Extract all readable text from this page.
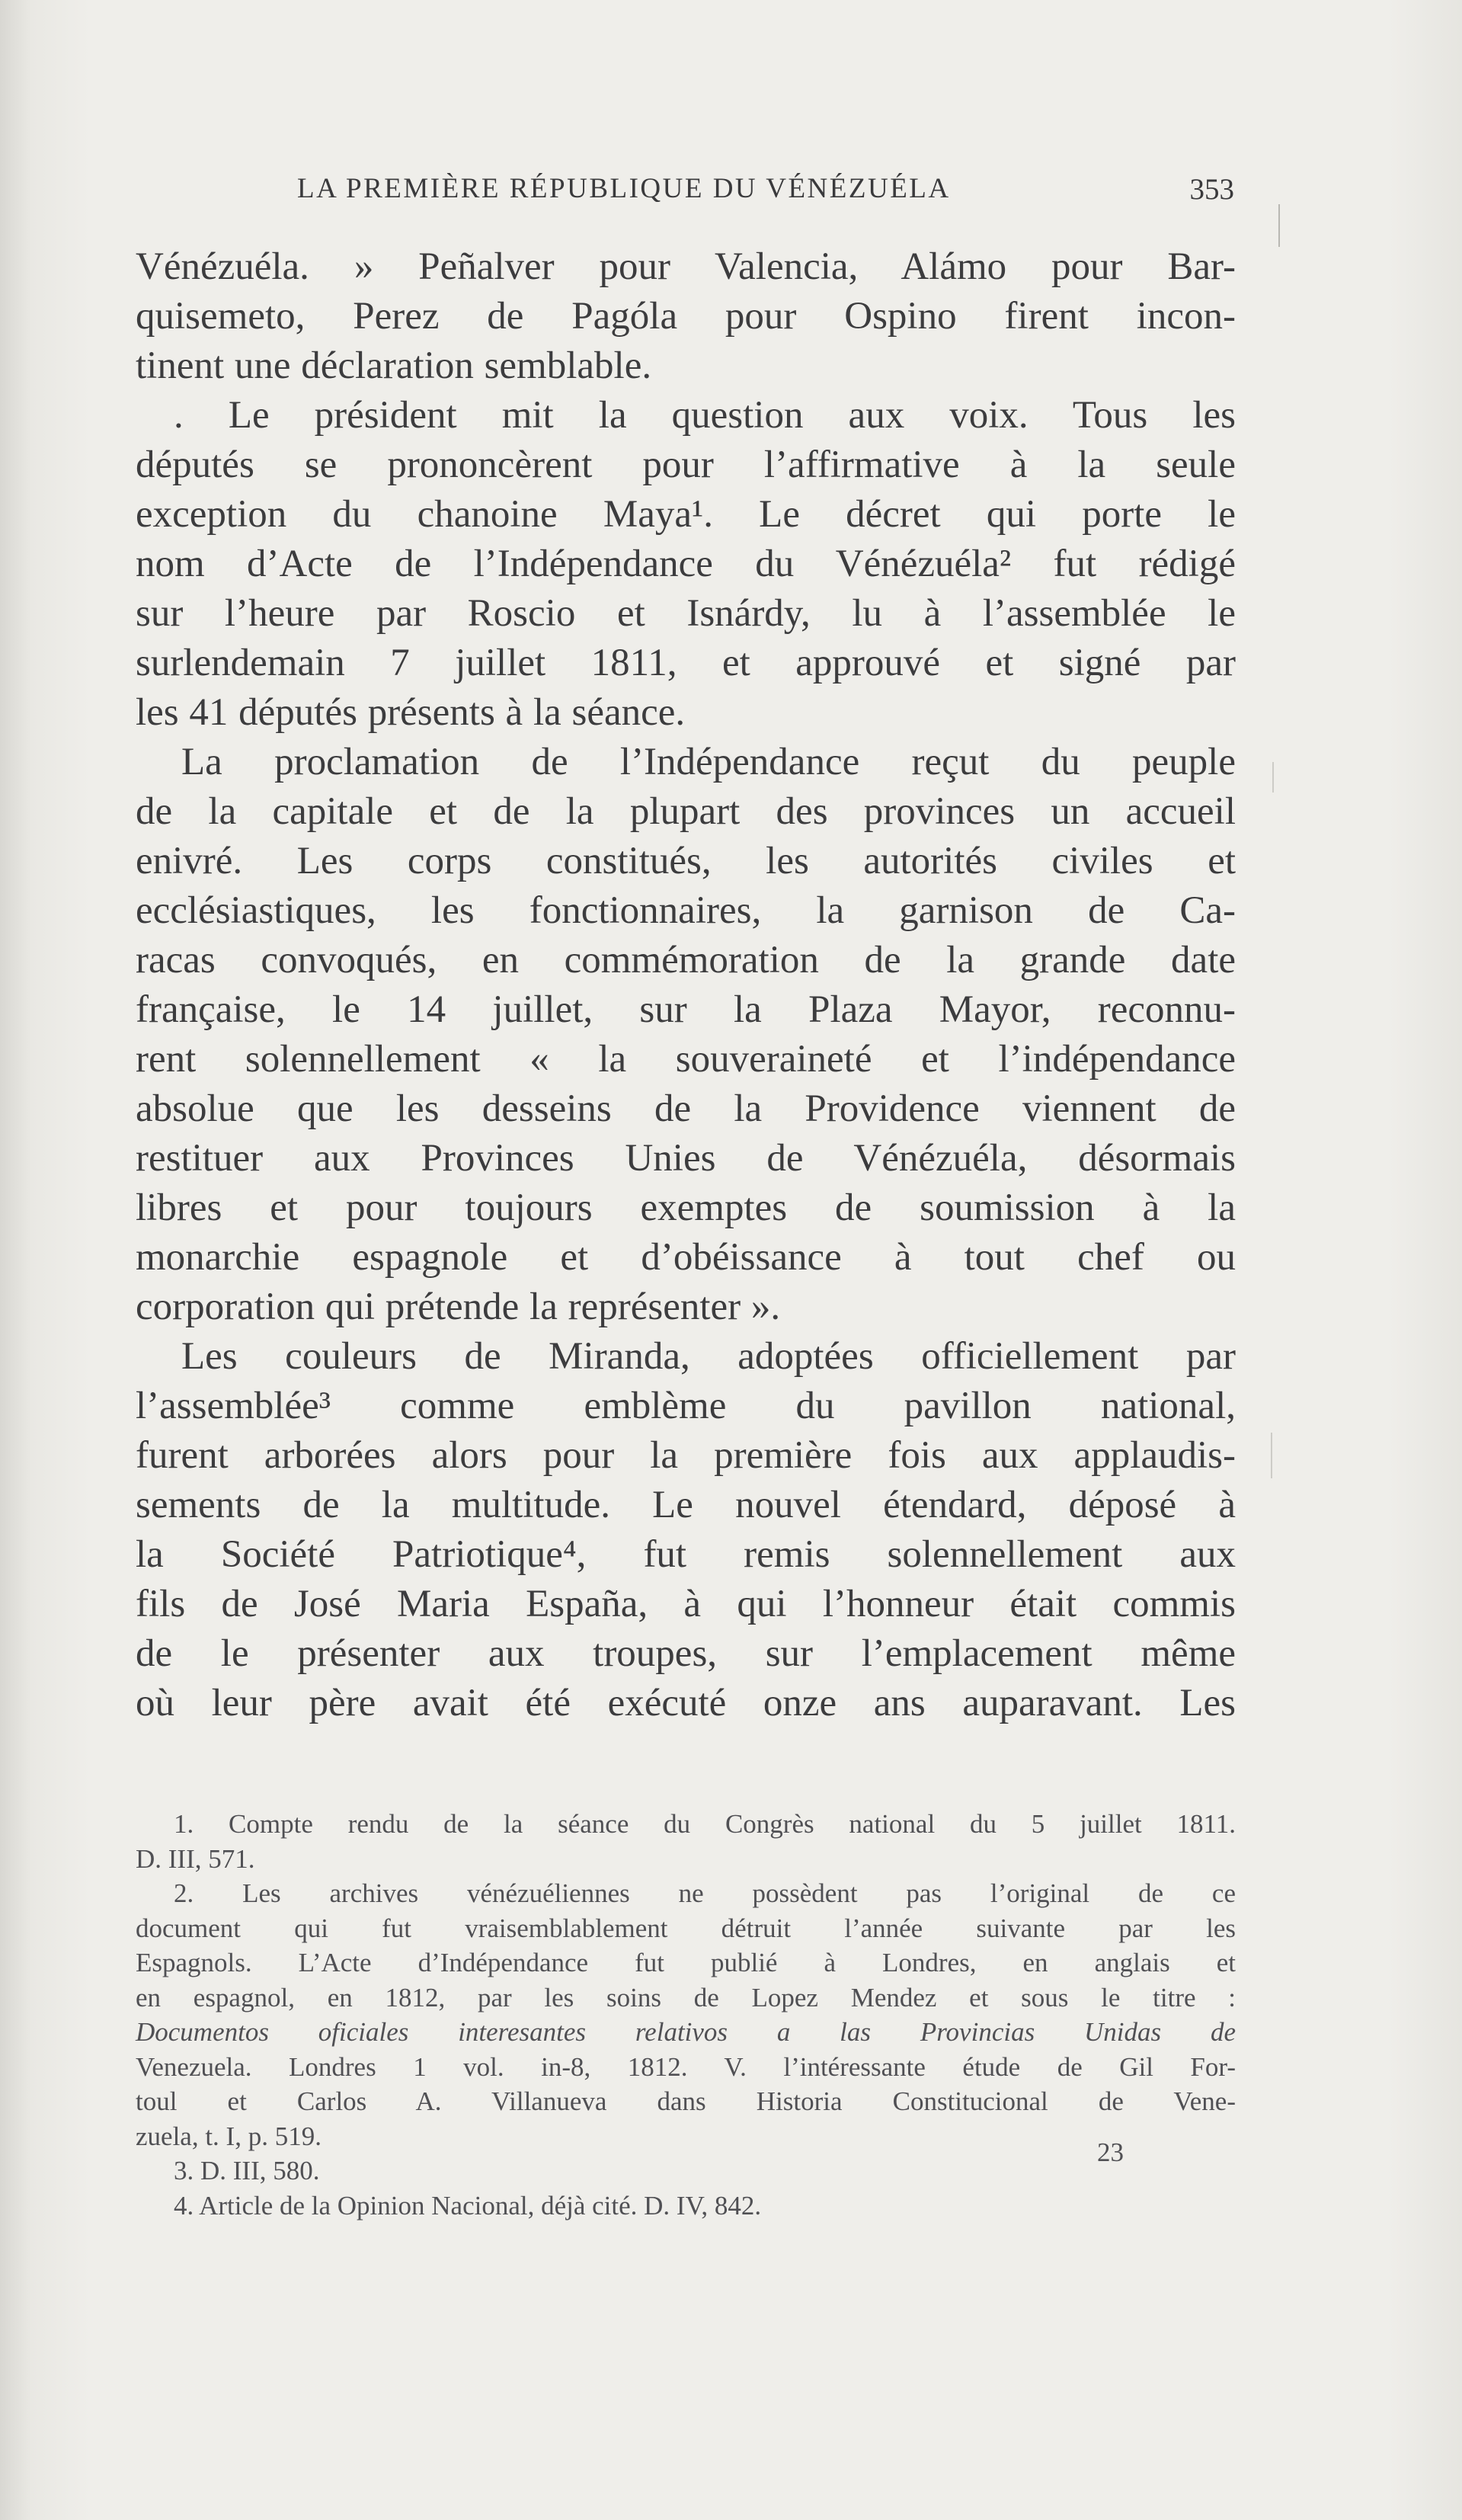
LA PREMIÈRE RÉPUBLIQUE DU VÉNÉZUÉLA	353
Vénézuéla. » Peñalver pour Valencia, Alámo pour Bar-
quisemeto, Perez de Pagóla pour Ospino firent incon-
tinent une déclaration semblable.
. Le président mit la question aux voix. Tous les
députés se prononcèrent pour l’affirmative à la seule
exception du chanoine Maya¹. Le décret qui porte le
nom d’Acte de l’Indépendance du Vénézuéla² fut rédigé
sur l’heure par Roscio et Isnárdy, lu à l’assemblée le
surlendemain 7 juillet 1811, et approuvé et signé par
les 41 députés présents à la séance.
La proclamation de l’Indépendance reçut du peuple
de la capitale et de la plupart des provinces un accueil
enivré. Les corps constitués, les autorités civiles et
ecclésiastiques, les fonctionnaires, la garnison de Ca-
racas convoqués, en commémoration de la grande date
française, le 14 juillet, sur la Plaza Mayor, reconnu-
rent solennellement « la souveraineté et l’indépendance
absolue que les desseins de la Providence viennent de
restituer aux Provinces Unies de Vénézuéla, désormais
libres et pour toujours exemptes de soumission à la
monarchie espagnole et d’obéissance à tout chef ou
corporation qui prétende la représenter ».
Les couleurs de Miranda, adoptées officiellement par
l’assemblée³ comme emblème du pavillon national,
furent arborées alors pour la première fois aux applaudis-
sements de la multitude. Le nouvel étendard, déposé à
la Société Patriotique⁴, fut remis solennellement aux
fils de José Maria España, à qui l’honneur était commis
de le présenter aux troupes, sur l’emplacement même
où leur père avait été exécuté onze ans auparavant. Les
1. Compte rendu de la séance du Congrès national du 5 juillet 1811.
D. III, 571.
2. Les archives vénézuéliennes ne possèdent pas l’original de ce
document qui fut vraisemblablement détruit l’année suivante par les
Espagnols. L’Acte d’Indépendance fut publié à Londres, en anglais et
en espagnol, en 1812, par les soins de Lopez Mendez et sous le titre :
Documentos oficiales interesantes relativos a las Provincias Unidas de
Venezuela. Londres 1 vol. in-8, 1812. V. l’intéressante étude de Gil For-
toul et Carlos A. Villanueva dans Historia Constitucional de Vene-
zuela, t. I, p. 519.
3. D. III, 580.
4. Article de la Opinion Nacional, déjà cité. D. IV, 842.
23
